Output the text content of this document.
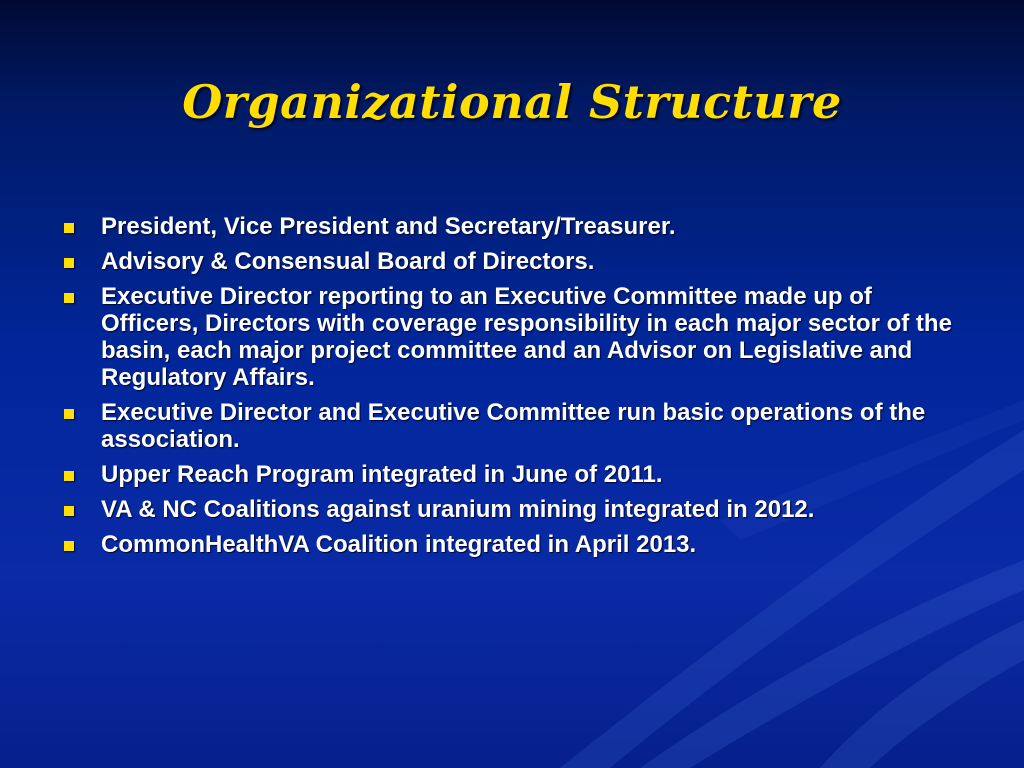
Organizational Structure
President, Vice President and Secretary/Treasurer.
Advisory & Consensual Board of Directors.
Executive Director reporting to an Executive Committee made up of Officers, Directors with coverage responsibility in each major sector of the basin, each major project committee and an Advisor on Legislative and Regulatory Affairs.
Executive Director and Executive Committee run basic operations of the association.
Upper Reach Program integrated in June of 2011.
VA & NC Coalitions against uranium mining integrated in 2012.
CommonHealthVA Coalition integrated in April 2013.
